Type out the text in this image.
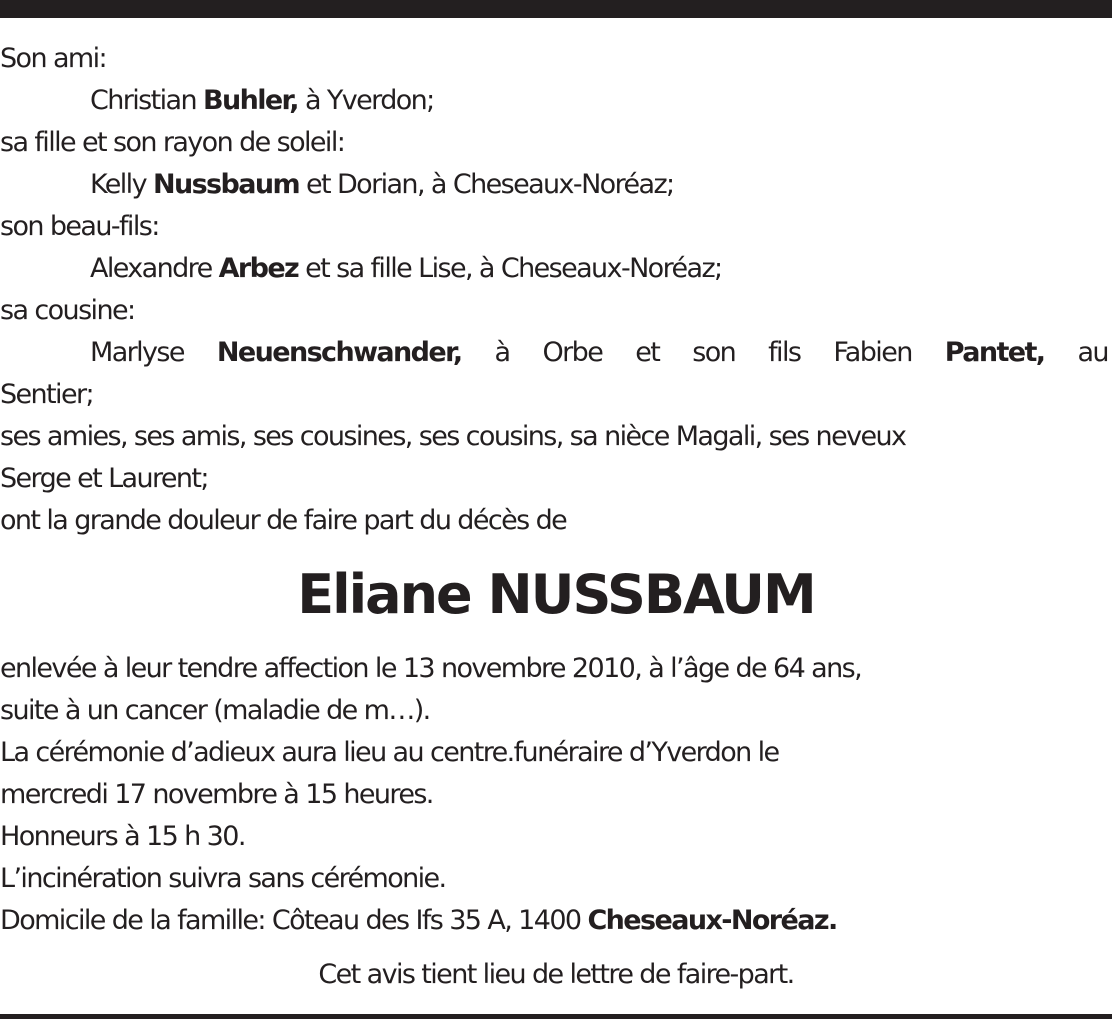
Son ami:
Christian Buhler, à Yverdon;
sa fille et son rayon de soleil:
Kelly Nussbaum et Dorian, à Cheseaux-Noréaz;
son beau-fils:
Alexandre Arbez et sa fille Lise, à Cheseaux-Noréaz;
sa cousine:
Marlyse Neuenschwander, à Orbe et son fils Fabien Pantet, au
Sentier;
ses amies, ses amis, ses cousines, ses cousins, sa nièce Magali, ses neveux
Serge et Laurent;
ont la grande douleur de faire part du décès de
Eliane NUSSBAUM
enlevée à leur tendre affection le 13 novembre 2010, à l’âge de 64 ans,
suite à un cancer (maladie de m…).
La cérémonie d’adieux aura lieu au centre.funéraire d’Yverdon le
mercredi 17 novembre à 15 heures.
Honneurs à 15 h 30.
L’incinération suivra sans cérémonie.
Domicile de la famille: Côteau des Ifs 35 A, 1400 Cheseaux-Noréaz.
Cet avis tient lieu de lettre de faire-part.
